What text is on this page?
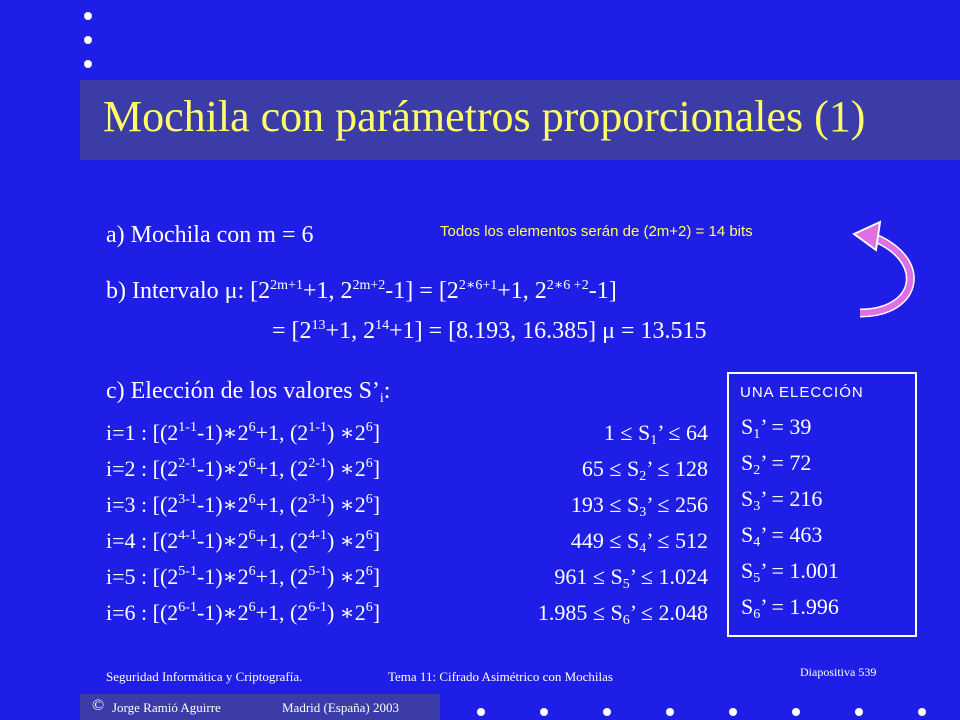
Mochila con parámetros proporcionales (1)
a) Mochila con m = 6	Todos los elementos serán de (2m+2) = 14 bits
b) Intervalo μ: [$2^{2m+1}+1$, $2^{2m+2}-1] = [2^{2∗6+1}+1$, $2^{2∗6 +2}-1$]
= [$2^{13}+1$, $2^{14}+1] = [8.193$, 16.385] μ = 13.515
c) Elección de los valores $S’_i$:
i=1 : [$(2^{1-1}-1)∗2^6+1$, (2$^{1-1}$) $∗2^6$]	$1 \le S_1$’ ≤ 64
i=2 : [$(2^{2-1}-1)∗2^6+1$, (2$^{2-1}$) $∗2^6$]	$65 \le S_2$’ ≤ 128
i=3 : [$(2^{3-1}-1)∗2^6+1$, (2$^{3-1}$) $∗2^6$]	$193 \le S_3$’ ≤ 256
i=4 : [$(2^{4-1}-1)∗2^6+1$, (2$^{4-1}$) $∗2^6$]	$449 \le S_4$’ ≤ 512
i=5 : [$(2^{5-1}-1)∗2^6+1$, (2$^{5-1}$) $∗2^6$]	$961 \le S_5$’ ≤ 1.024
i=6 : [$(2^{6-1}-1)∗2^6+1$, (2$^{6-1}$) $∗2^6$]	$1.985 \le S_6$’ ≤ 2.048
UNA ELECCIÓN
$S_1$’ = 39
$S_2$’ = 72
$S_3$’ = 216
$S_4$’ = 463
$S_5$’ = 1.001
$S_6$’ = 1.996
Seguridad Informática y Criptografía.	Tema 11: Cifrado Asimétrico con Mochilas	Diapositiva 539
© Jorge Ramió Aguirre	Madrid (España) 2003
